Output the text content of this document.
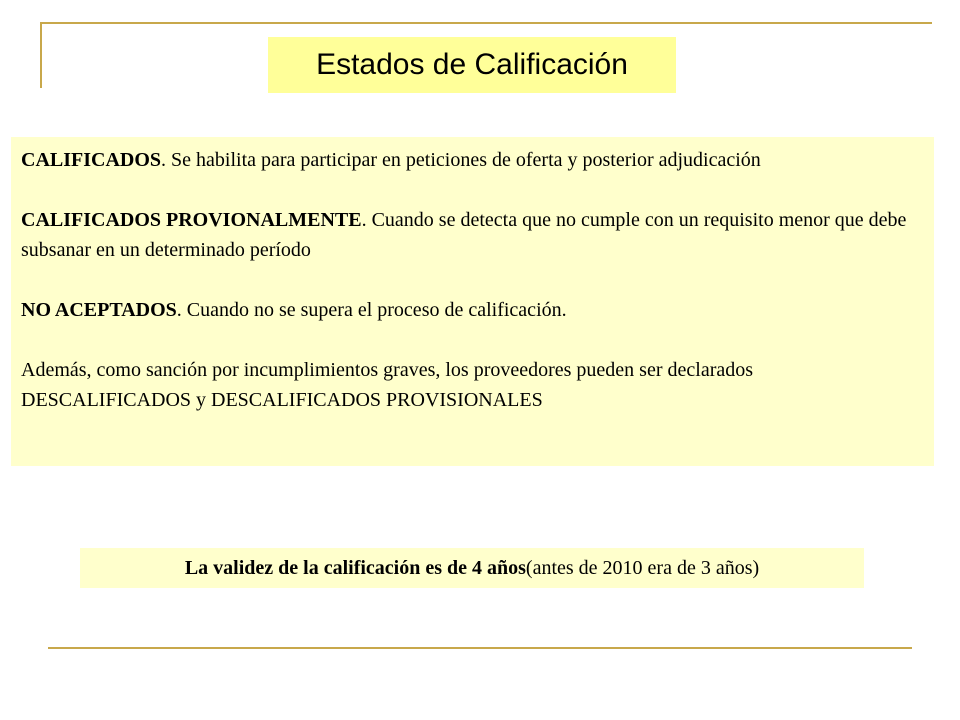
Estados de Calificación

CALIFICADOS. Se habilita para participar en peticiones de oferta y posterior adjudicación

CALIFICADOS PROVIONALMENTE. Cuando se detecta que no cumple con un requisito menor que debe subsanar en un determinado período

NO ACEPTADOS. Cuando no se supera el proceso de calificación.

Además, como sanción por incumplimientos graves, los proveedores pueden ser declarados DESCALIFICADOS y DESCALIFICADOS PROVISIONALES

La validez de la calificación es de 4 años (antes de 2010 era de 3 años)
